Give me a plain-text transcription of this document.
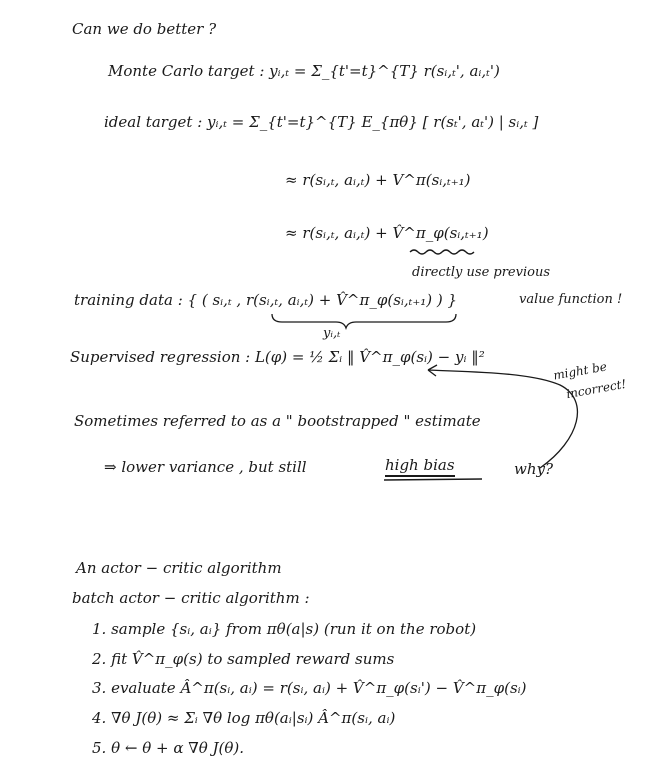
Can we do better ?
Monte Carlo target : yᵢ,ₜ = Σ_{t'=t}^{T} r(sᵢ,ₜ', aᵢ,ₜ')
ideal target : yᵢ,ₜ = Σ_{t'=t}^{T} E_{πθ} [ r(sₜ', aₜ') | sᵢ,ₜ ]
≈ r(sᵢ,ₜ, aᵢ,ₜ) + V^π(sᵢ,ₜ₊₁)
≈ r(sᵢ,ₜ, aᵢ,ₜ) + V̂^π_φ(sᵢ,ₜ₊₁)
directly use previous
training data : { ( sᵢ,ₜ , r(sᵢ,ₜ, aᵢ,ₜ) + V̂^π_φ(sᵢ,ₜ₊₁) ) }	value function !
yᵢ,ₜ
Supervised regression : L(φ) = ½ Σᵢ ‖ V̂^π_φ(sᵢ) − yᵢ ‖²
might be
incorrect!
Sometimes referred to as a " bootstrapped " estimate
⇒ lower variance , but still	high bias	why?
An actor − critic algorithm
batch actor − critic algorithm :
1. sample {sᵢ, aᵢ} from πθ(a|s) (run it on the robot)
2. fit V̂^π_φ(s) to sampled reward sums
3. evaluate Â^π(sᵢ, aᵢ) = r(sᵢ, aᵢ) + V̂^π_φ(sᵢ') − V̂^π_φ(sᵢ)
4. ∇θ J(θ) ≈ Σᵢ ∇θ log πθ(aᵢ|sᵢ) Â^π(sᵢ, aᵢ)
5. θ ← θ + α ∇θ J(θ).
